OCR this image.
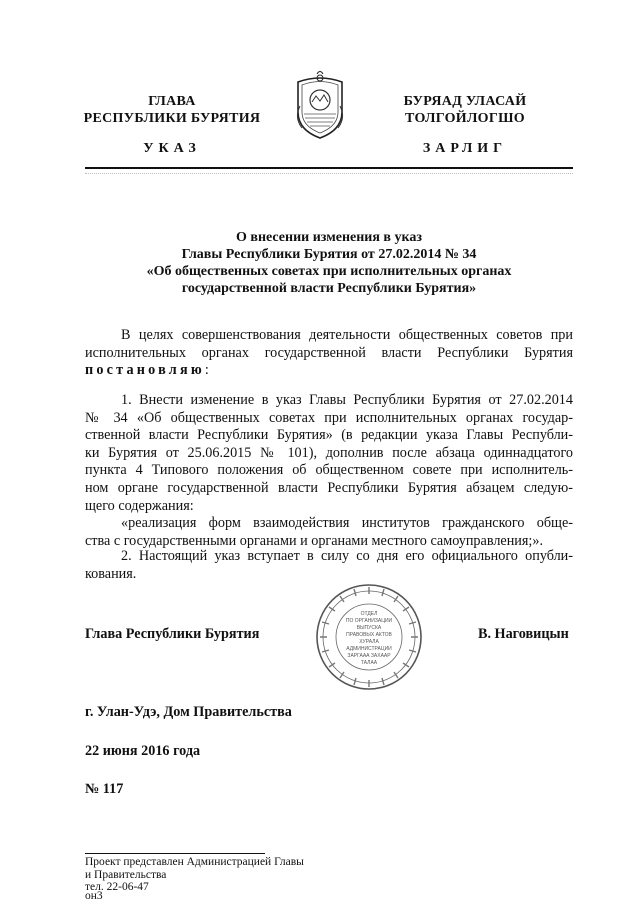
ГЛАВА
РЕСПУБЛИКИ БУРЯТИЯ
БУРЯАД УЛАСАЙ
ТОЛГОЙЛОГШО
УКАЗ	ЗАРЛИГ
О внесении изменения в указ
Главы Республики Бурятия от 27.02.2014 № 34
«Об общественных советах при исполнительных органах
государственной власти Республики Бурятия»
В целях совершенствования деятельности общественных советов при
исполнительных органах государственной власти Республики Бурятия
постановляю:
1. Внести изменение в указ Главы Республики Бурятия от 27.02.2014
№ 34 «Об общественных советах при исполнительных органах государ-
ственной власти Республики Бурятия» (в редакции указа Главы Республи-
ки Бурятия от 25.06.2015 № 101), дополнив после абзаца одиннадцатого
пункта 4 Типового положения об общественном совете при исполнитель-
ном органе государственной власти Республики Бурятия абзацем следую-
щего содержания:
«реализация форм взаимодействия институтов гражданского обще-
ства с государственными органами и органами местного самоуправления;».
2. Настоящий указ вступает в силу со дня его официального опубли-
кования.
ОТДЕЛ
ПО ОРГАНИЗАЦИИ
ВЫПУСКА
ПРАВОВЫХ АКТОВ
ХУРАЛА
АДМИНИСТРАЦИИ
ЗАРГААА ЗАХААР
ТАЛАА
Глава Республики Бурятия	В. Наговицын
г. Улан-Удэ, Дом Правительства
22 июня 2016 года
№ 117
Проект представлен Администрацией Главы
и Правительства
тел. 22-06-47
он3
